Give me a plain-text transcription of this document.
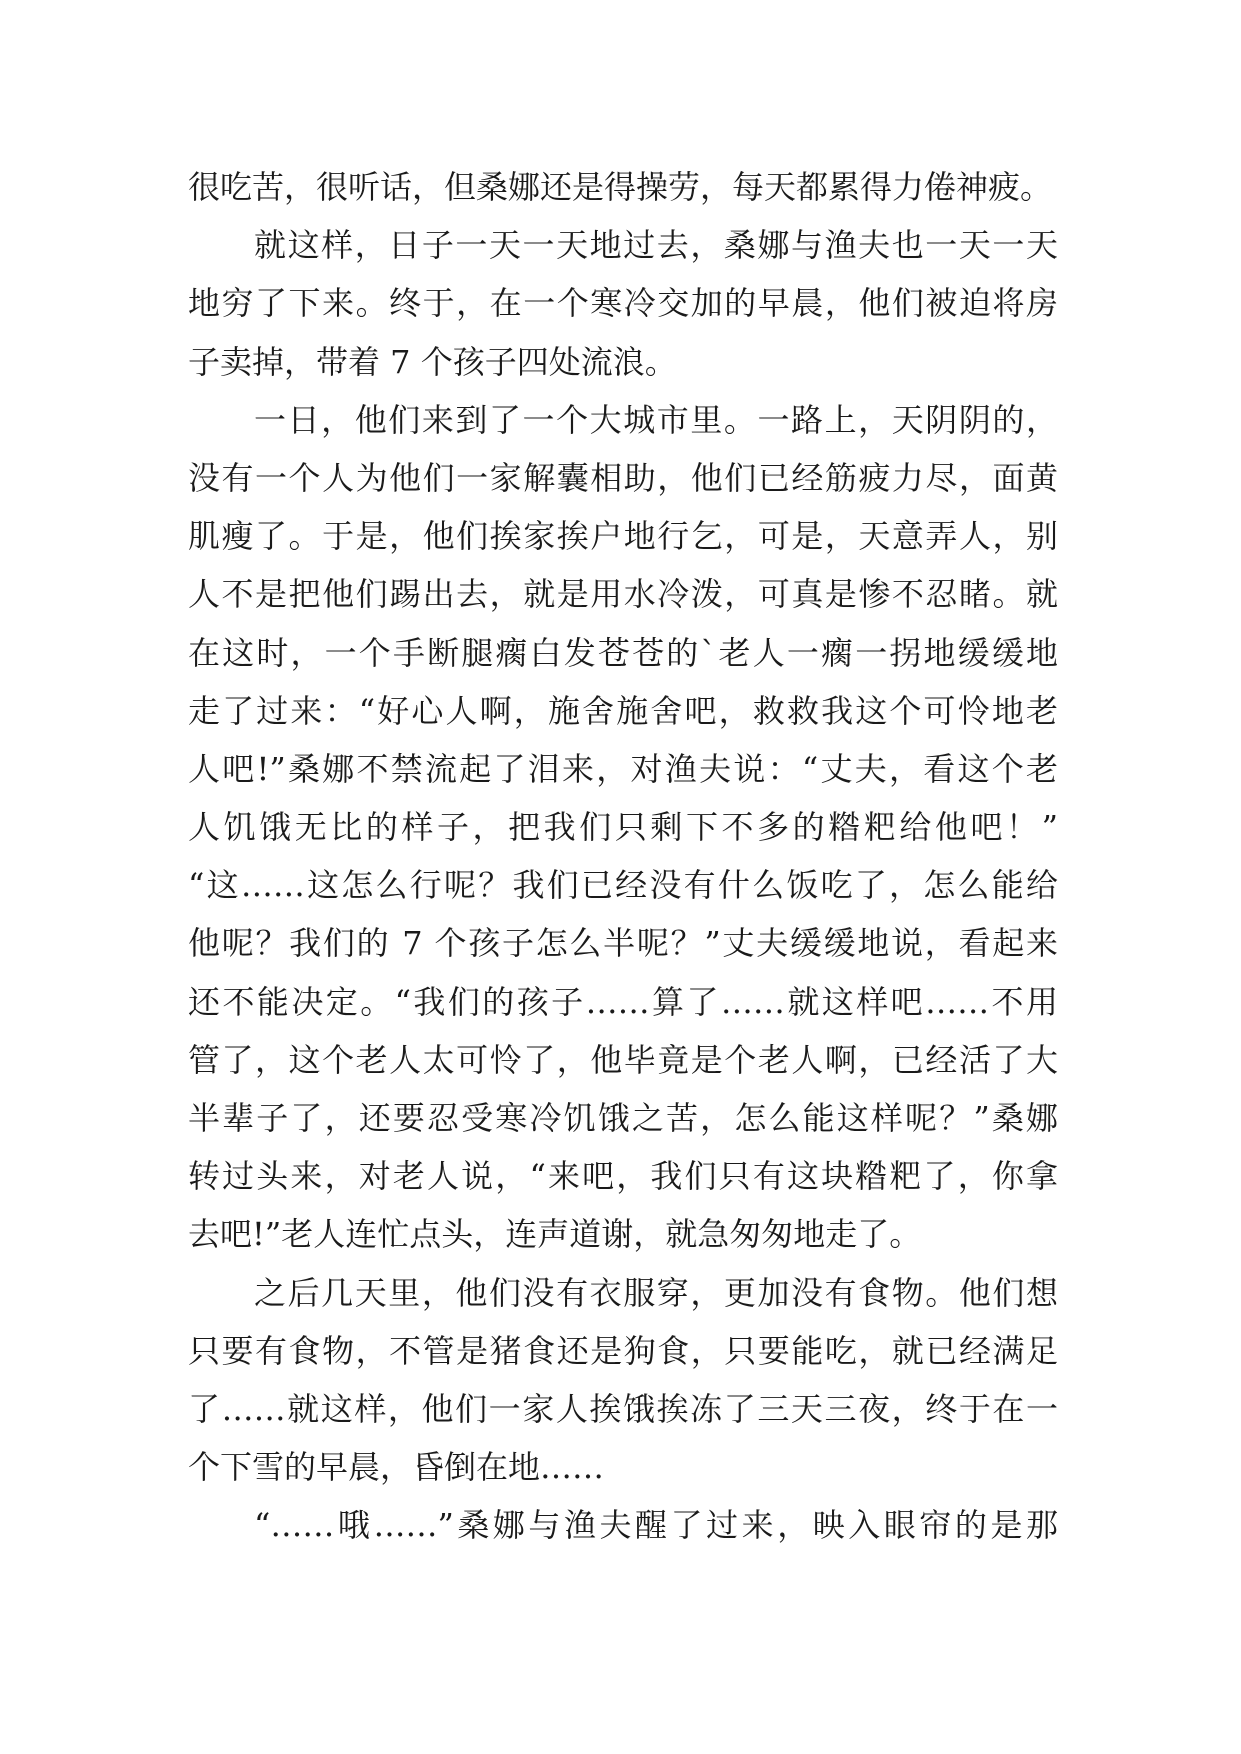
很吃苦，很听话，但桑娜还是得操劳，每天都累得力倦神疲。
就这样，日子一天一天地过去，桑娜与渔夫也一天一天
地穷了下来。终于，在一个寒冷交加的早晨，他们被迫将房
子卖掉，带着 7 个孩子四处流浪。
一日，他们来到了一个大城市里。一路上，天阴阴的，
没有一个人为他们一家解囊相助，他们已经筋疲力尽，面黄
肌瘦了。于是，他们挨家挨户地行乞，可是，天意弄人，别
人不是把他们踢出去，就是用水冷泼，可真是惨不忍睹。就
在这时，一个手断腿瘸白发苍苍的`老人一瘸一拐地缓缓地
走了过来：“好心人啊，施舍施舍吧，救救我这个可怜地老
人吧!”桑娜不禁流起了泪来，对渔夫说：“丈夫，看这个老
人饥饿无比的样子，把我们只剩下不多的糌粑给他吧！”
“这……这怎么行呢？我们已经没有什么饭吃了，怎么能给
他呢？我们的 7 个孩子怎么半呢？”丈夫缓缓地说，看起来
还不能决定。“我们的孩子……算了……就这样吧……不用
管了，这个老人太可怜了，他毕竟是个老人啊，已经活了大
半辈子了，还要忍受寒冷饥饿之苦，怎么能这样呢？”桑娜
转过头来，对老人说，“来吧，我们只有这块糌粑了，你拿
去吧!”老人连忙点头，连声道谢，就急匆匆地走了。
之后几天里，他们没有衣服穿，更加没有食物。他们想
只要有食物，不管是猪食还是狗食，只要能吃，就已经满足
了……就这样，他们一家人挨饿挨冻了三天三夜，终于在一
个下雪的早晨，昏倒在地……
“……哦……”桑娜与渔夫醒了过来，映入眼帘的是那
